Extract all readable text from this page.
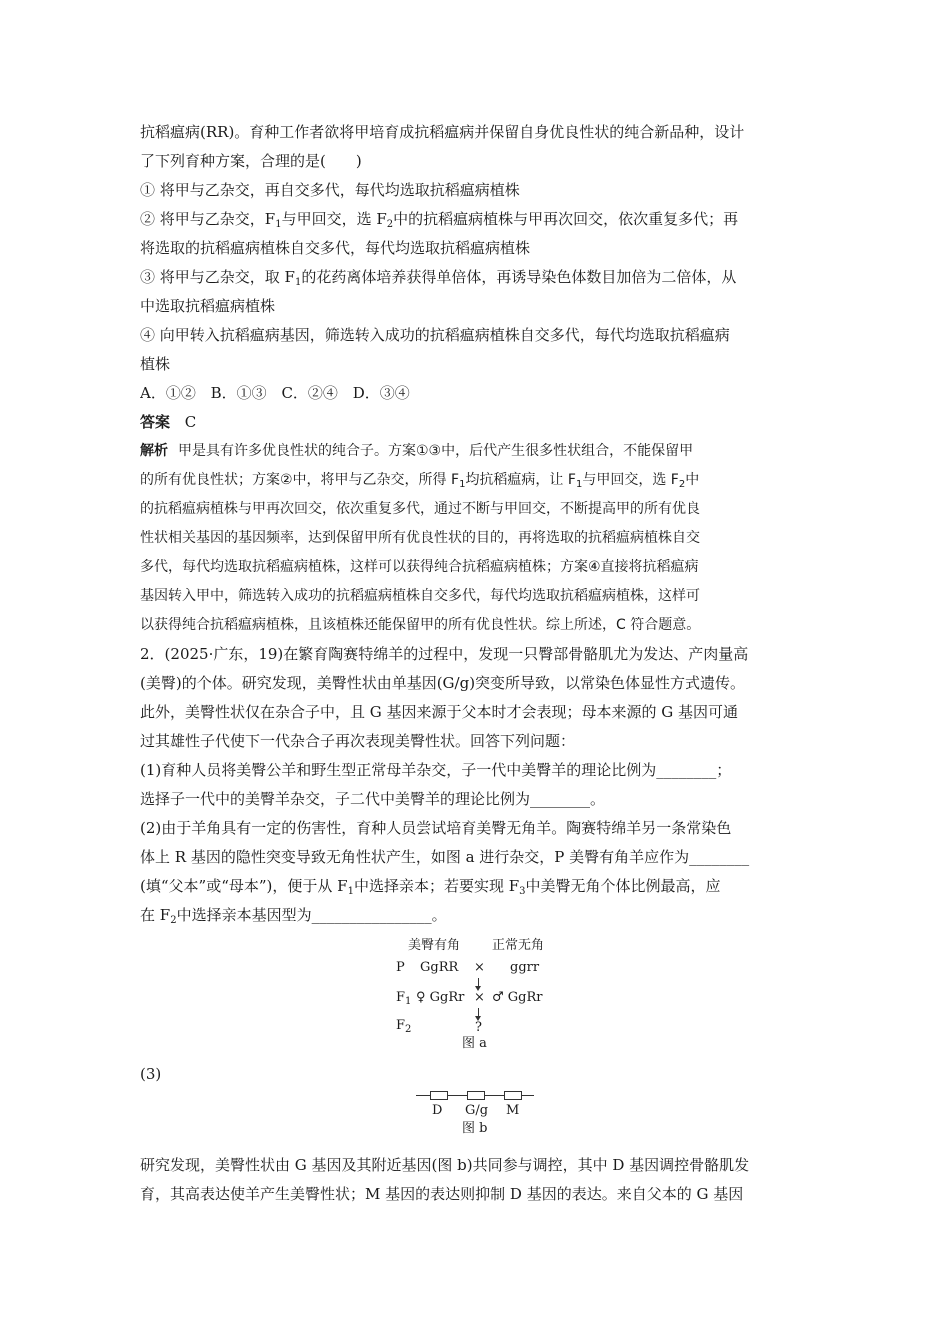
抗稻瘟病(RR)。育种工作者欲将甲培育成抗稻瘟病并保留自身优良性状的纯合新品种，设计
了下列育种方案，合理的是(　　)
① 将甲与乙杂交，再自交多代，每代均选取抗稻瘟病植株
② 将甲与乙杂交，$F_1$与甲回交，选 $F_2$中的抗稻瘟病植株与甲再次回交，依次重复多代；再
将选取的抗稻瘟病植株自交多代，每代均选取抗稻瘟病植株
③ 将甲与乙杂交，取 $F_1$的花药离体培养获得单倍体，再诱导染色体数目加倍为二倍体，从
中选取抗稻瘟病植株
④ 向甲转入抗稻瘟病基因，筛选转入成功的抗稻瘟病植株自交多代，每代均选取抗稻瘟病
植株
A．①② B．①③ C．②④ D．③④
答案 C
解析 甲是具有许多优良性状的纯合子。方案①③中，后代产生很多性状组合，不能保留甲
的所有优良性状；方案②中，将甲与乙杂交，所得 $F_1$均抗稻瘟病，让 $F_1$与甲回交，选 $F_2$中
的抗稻瘟病植株与甲再次回交，依次重复多代，通过不断与甲回交，不断提高甲的所有优良
性状相关基因的基因频率，达到保留甲所有优良性状的目的，再将选取的抗稻瘟病植株自交
多代，每代均选取抗稻瘟病植株，这样可以获得纯合抗稻瘟病植株；方案④直接将抗稻瘟病
基因转入甲中，筛选转入成功的抗稻瘟病植株自交多代，每代均选取抗稻瘟病植株，这样可
以获得纯合抗稻瘟病植株，且该植株还能保留甲的所有优良性状。综上所述，C 符合题意。
2．(2025·广东，19)在繁育陶赛特绵羊的过程中，发现一只臀部骨骼肌尤为发达、产肉量高
(美臀)的个体。研究发现，美臀性状由单基因(G/g)突变所导致，以常染色体显性方式遗传。
此外，美臀性状仅在杂合子中，且 G 基因来源于父本时才会表现；母本来源的 G 基因可通
过其雄性子代使下一代杂合子再次表现美臀性状。回答下列问题：
(1)育种人员将美臀公羊和野生型正常母羊杂交，子一代中美臀羊的理论比例为________；
选择子一代中的美臀羊杂交，子二代中美臀羊的理论比例为________。
(2)由于羊角具有一定的伤害性，育种人员尝试培育美臀无角羊。陶赛特绵羊另一条常染色
体上 R 基因的隐性突变导致无角性状产生，如图 a 进行杂交，P 美臀有角羊应作为________
(填“父本”或“母本”)，便于从 $F_1$中选择亲本；若要实现 $F_3$中美臀无角个体比例最高，应
在 $F_2$中选择亲本基因型为________________。
美臀有角 正常无角
P GgRR × ggrr
$F_1$ ♀ GgRr × ♂ GgRr
$F_2$	?
图 a
(3)
D G/g M
图 b
研究发现，美臀性状由 G 基因及其附近基因(图 b)共同参与调控，其中 D 基因调控骨骼肌发
育，其高表达使羊产生美臀性状；M 基因的表达则抑制 D 基因的表达。来自父本的 G 基因
